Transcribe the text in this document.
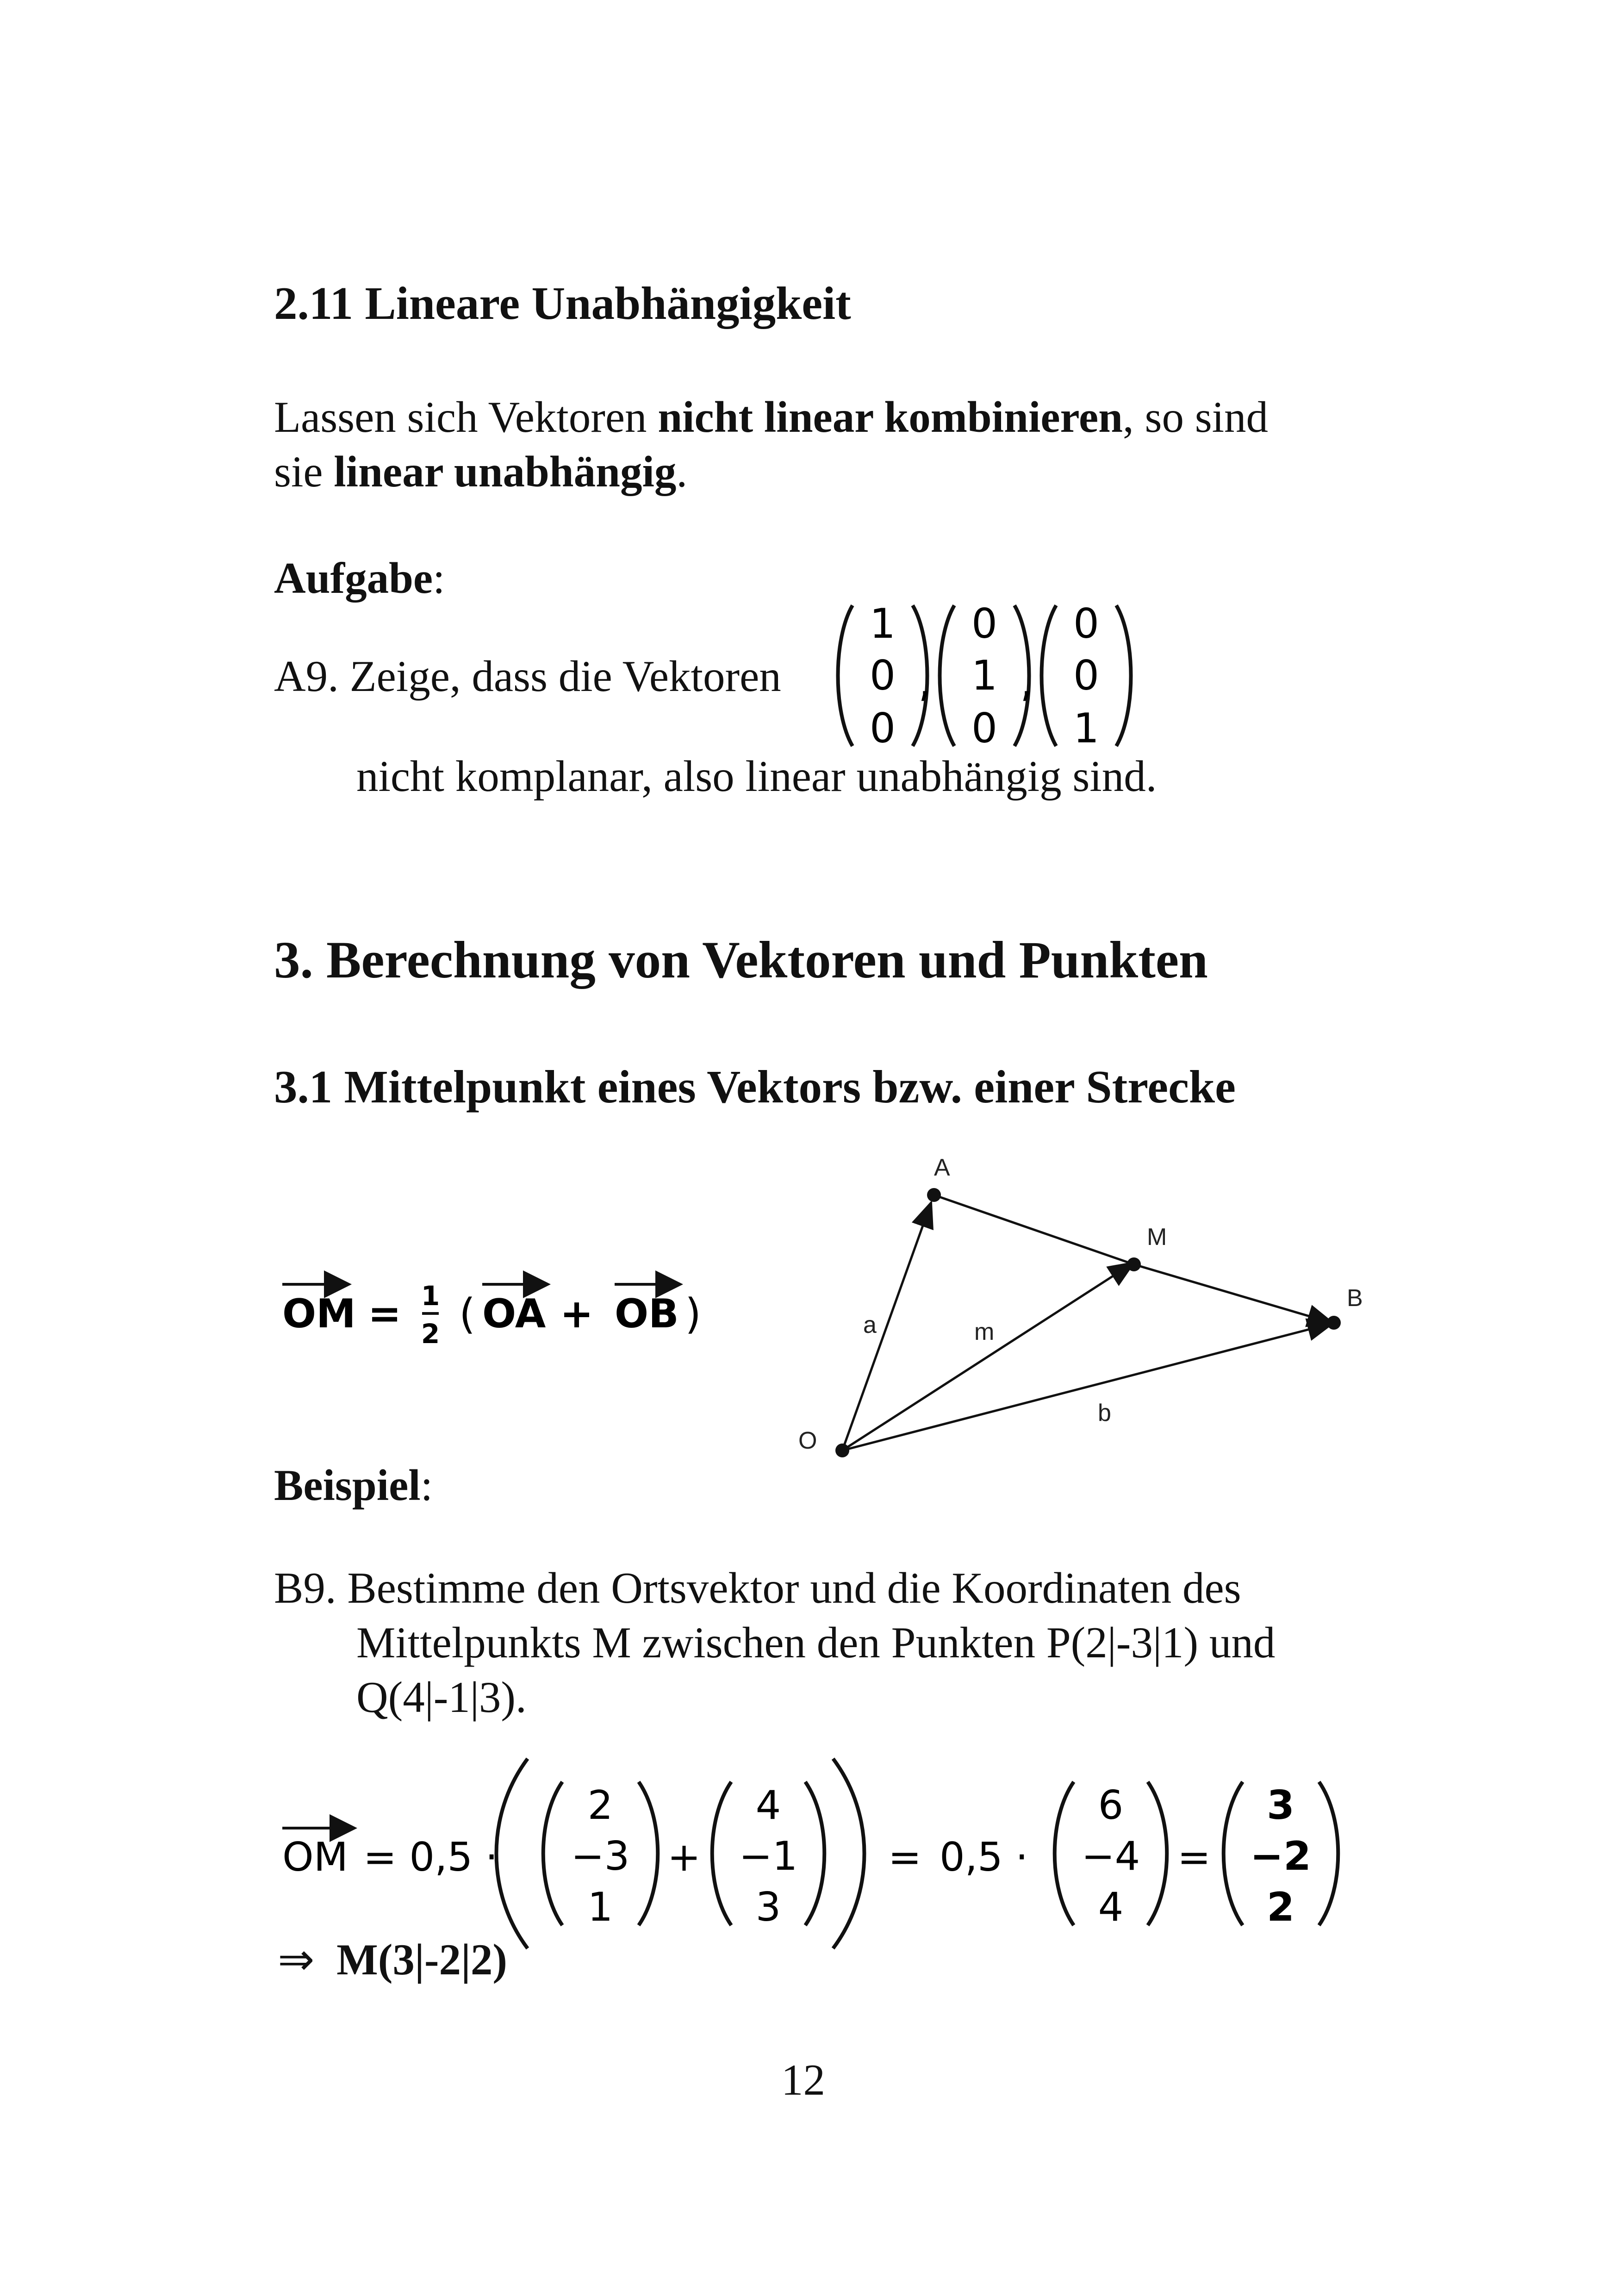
2.11 Lineare Unabhängigkeit
Lassen sich Vektoren nicht linear kombinieren, so sind
sie linear unabhängig.
Aufgabe:
A9. Zeige, dass die Vektoren
1
0
0
,
0
1
0
,
0
0
1
nicht komplanar, also linear unabhängig sind.
3. Berechnung von Vektoren und Punkten
3.1 Mittelpunkt eines Vektors bzw. einer Strecke
OM = 1
2 ( OA + OB )
A
M
B
O
a	m
b
Beispiel:
B9. Bestimme den Ortsvektor und die Koordinaten des
Mittelpunkts M zwischen den Punkten P(2|-3|1) und
Q(4|-1|3).
OM = 0,5 ·
2
−3
1
+
4
−1
3
= 0,5 ·
6
−4
4
=
3
−2
2
⇒ M(3|-2|2)
12
